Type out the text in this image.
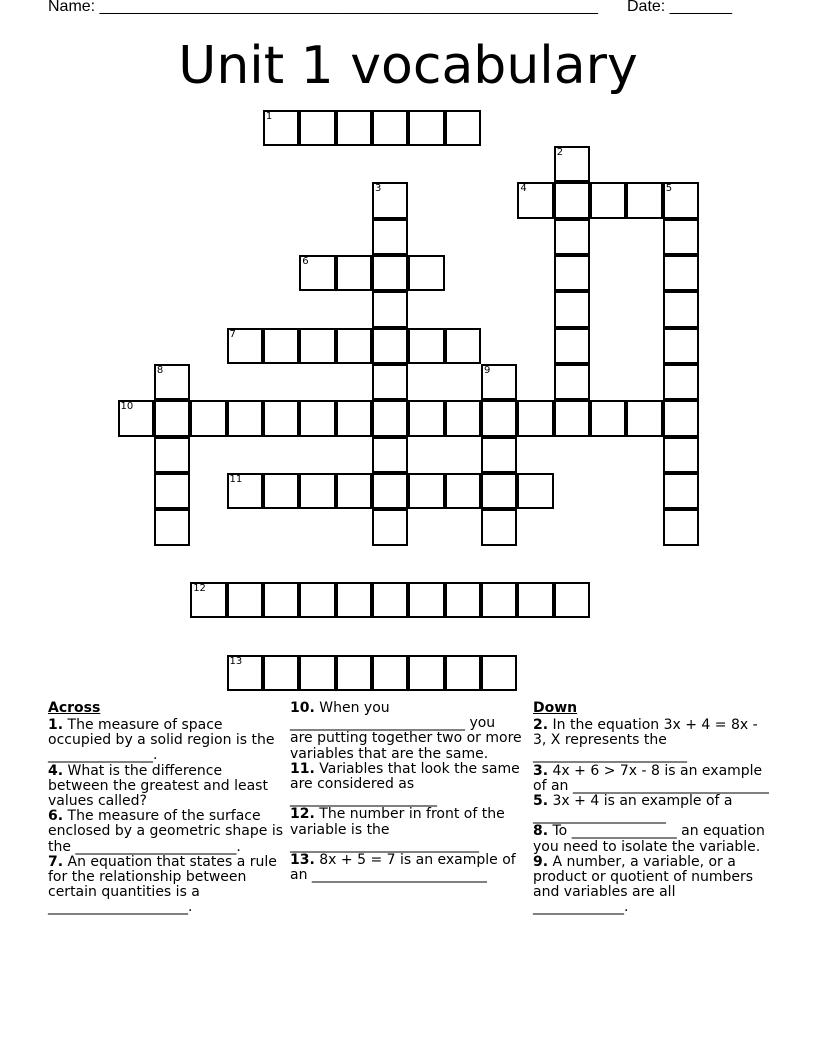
Name: ________________________________________________________ Date: _______
Unit 1 vocabulary
1
2
3	4	5
6
7
8	9
10
11
12
13
Across
1. The measure of space occupied by a solid region is the _______________.
4. What is the difference between the greatest and least values called?
6. The measure of the surface enclosed by a geometric shape is the _______________________.
7. An equation that states a rule for the relationship between certain quantities is a ____________________.
10. When you _________________________ you are putting together two or more variables that are the same.
11. Variables that look the same are considered as _____________________
12. The number in front of the variable is the ___________________________
13. 8x + 5 = 7 is an example of an _________________________
Down
2. In the equation 3x + 4 = 8x - 3, X represents the ______________________
3. 4x + 6 > 7x - 8 is an example of an ____________________________
5. 3x + 4 is an example of a ___________________
8. To _______________ an equation you need to isolate the variable.
9. A number, a variable, or a product or quotient of numbers and variables are all _____________.
